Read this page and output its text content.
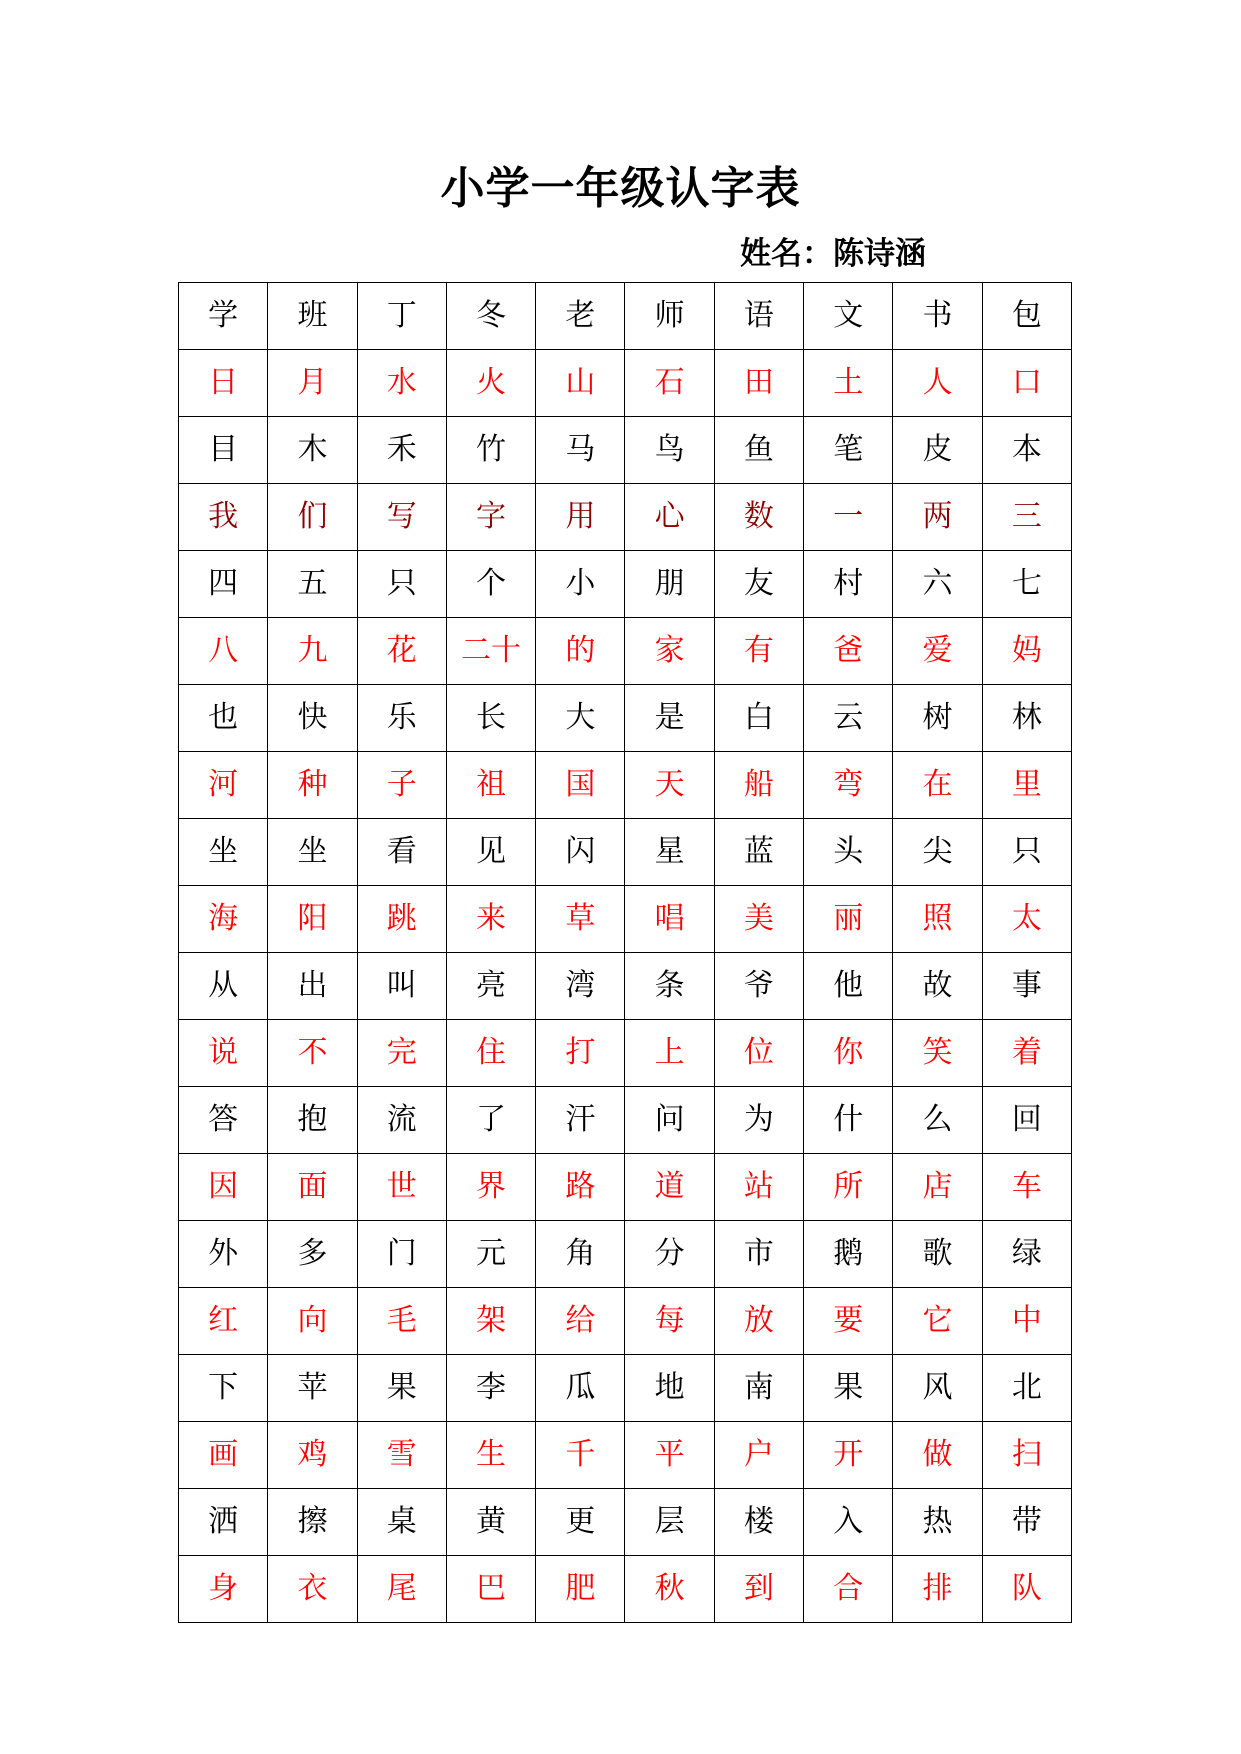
小学一年级认字表
姓名：陈诗涵
学	班	丁	冬	老	师	语	文	书	包
日	月	水	火	山	石	田	土	人	口
目	木	禾	竹	马	鸟	鱼	笔	皮	本
我	们	写	字	用	心	数	一	两	三
四	五	只	个	小	朋	友	村	六	七
八	九	花	二十	的	家	有	爸	爱	妈
也	快	乐	长	大	是	白	云	树	林
河	种	子	祖	国	天	船	弯	在	里
坐	坐	看	见	闪	星	蓝	头	尖	只
海	阳	跳	来	草	唱	美	丽	照	太
从	出	叫	亮	湾	条	爷	他	故	事
说	不	完	住	打	上	位	你	笑	着
答	抱	流	了	汗	问	为	什	么	回
因	面	世	界	路	道	站	所	店	车
外	多	门	元	角	分	市	鹅	歌	绿
红	向	毛	架	给	每	放	要	它	中
下	苹	果	李	瓜	地	南	果	风	北
画	鸡	雪	生	千	平	户	开	做	扫
洒	擦	桌	黄	更	层	楼	入	热	带
身	衣	尾	巴	肥	秋	到	合	排	队
